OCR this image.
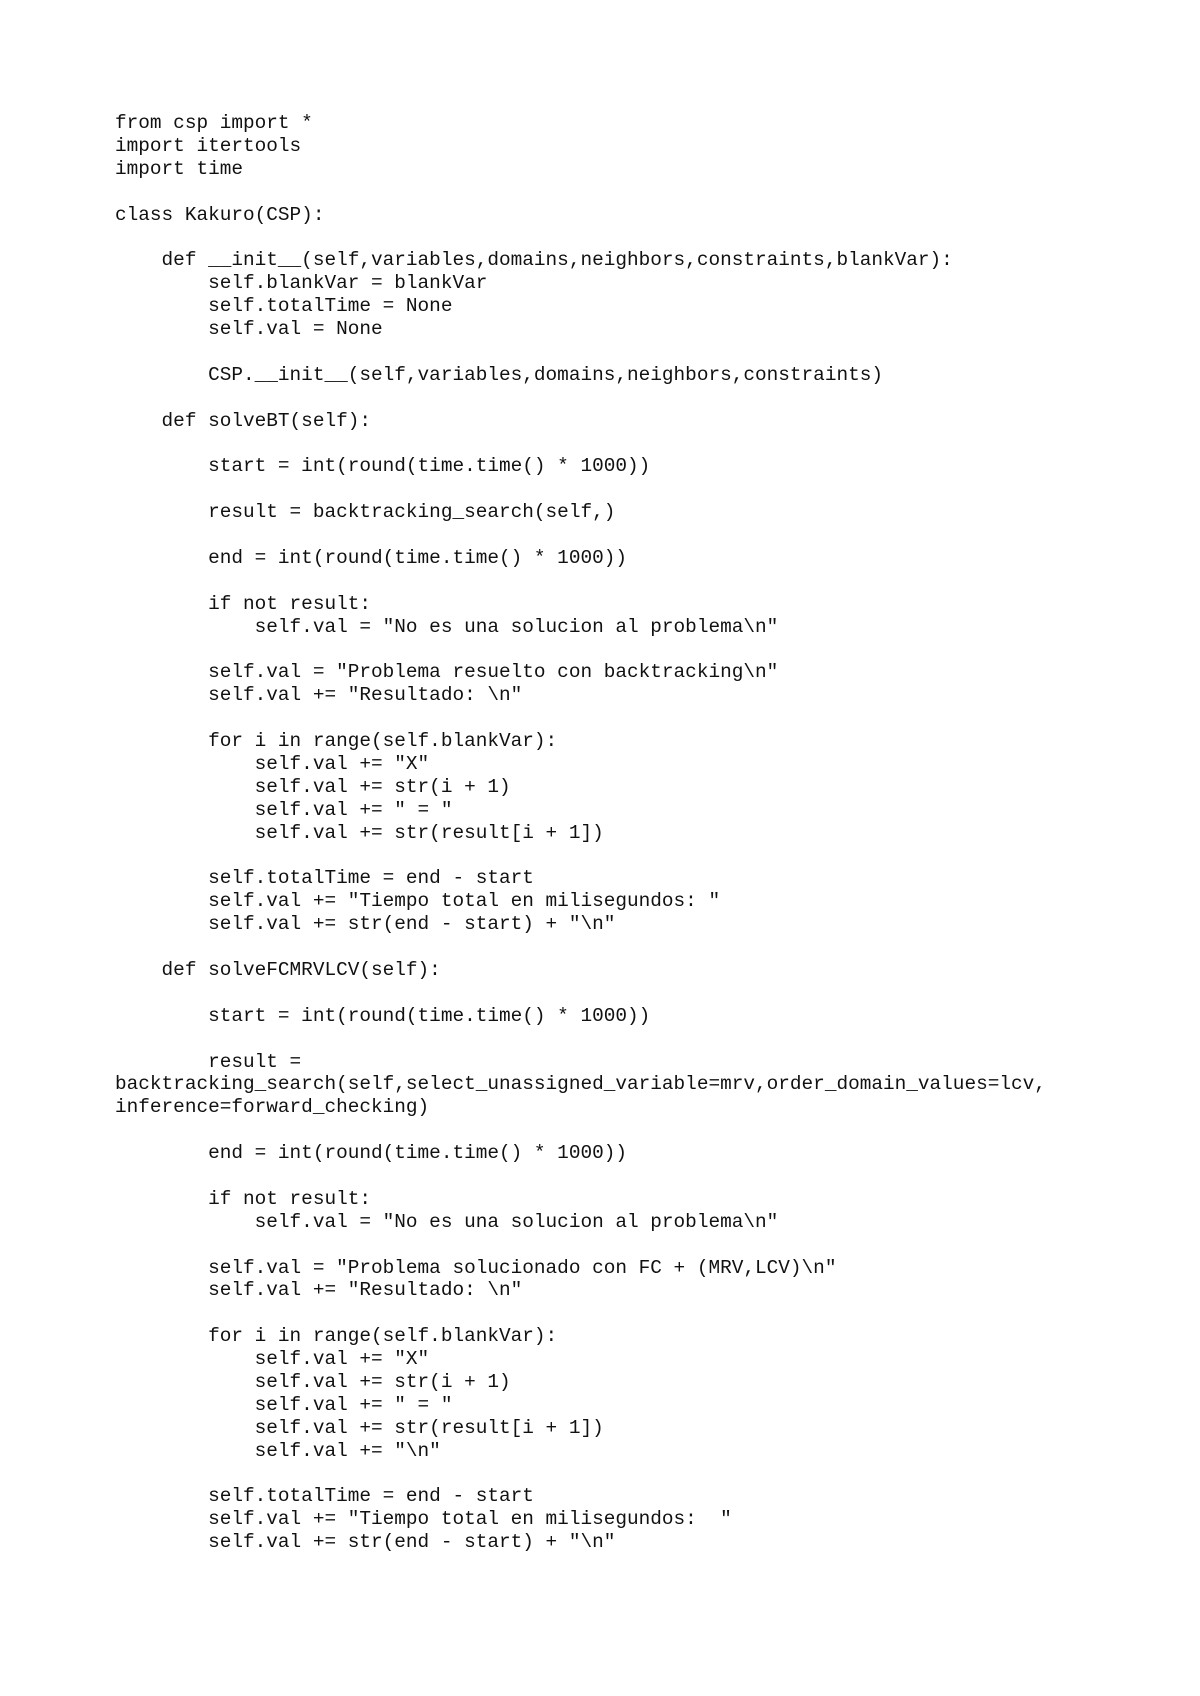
from csp import *
import itertools
import time
class Kakuro(CSP):
def __init__(self,variables,domains,neighbors,constraints,blankVar):
self.blankVar = blankVar
self.totalTime = None
self.val = None
CSP.__init__(self,variables,domains,neighbors,constraints)
def solveBT(self):
start = int(round(time.time() * 1000))
result = backtracking_search(self,)
end = int(round(time.time() * 1000))
if not result:
self.val = "No es una solucion al problema\n"
self.val = "Problema resuelto con backtracking\n"
self.val += "Resultado: \n"
for i in range(self.blankVar):
self.val += "X"
self.val += str(i + 1)
self.val += " = "
self.val += str(result[i + 1])
self.totalTime = end - start
self.val += "Tiempo total en milisegundos: "
self.val += str(end - start) + "\n"
def solveFCMRVLCV(self):
start = int(round(time.time() * 1000))
result =
backtracking_search(self,select_unassigned_variable=mrv,order_domain_values=lcv,
inference=forward_checking)
end = int(round(time.time() * 1000))
if not result:
self.val = "No es una solucion al problema\n"
self.val = "Problema solucionado con FC + (MRV,LCV)\n"
self.val += "Resultado: \n"
for i in range(self.blankVar):
self.val += "X"
self.val += str(i + 1)
self.val += " = "
self.val += str(result[i + 1])
self.val += "\n"
self.totalTime = end - start
self.val += "Tiempo total en milisegundos:  "
self.val += str(end - start) + "\n"
